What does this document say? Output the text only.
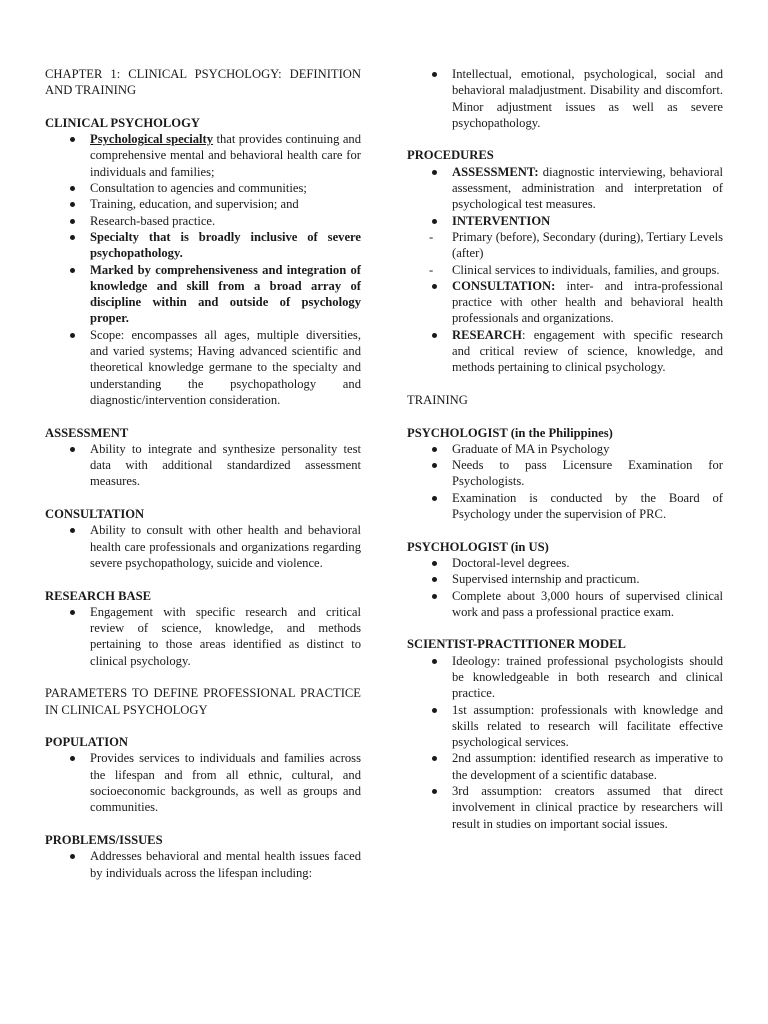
CHAPTER 1: CLINICAL PSYCHOLOGY: DEFINITION AND TRAINING

CLINICAL PSYCHOLOGY

Psychological specialty that provides continuing and comprehensive mental and behavioral health care for individuals and families;
Consultation to agencies and communities;
Training, education, and supervision; and
Research-based practice.
Specialty that is broadly inclusive of severe psychopathology.
Marked by comprehensiveness and integration of knowledge and skill from a broad array of discipline within and outside of psychology proper.
Scope: encompasses all ages, multiple diversities, and varied systems; Having advanced scientific and theoretical knowledge germane to the specialty and understanding the psychopathology and diagnostic/intervention consideration.

ASSESSMENT

Ability to integrate and synthesize personality test data with additional standardized assessment measures.

CONSULTATION

Ability to consult with other health and behavioral health care professionals and organizations regarding severe psychopathology, suicide and violence.

RESEARCH BASE

Engagement with specific research and critical review of science, knowledge, and methods pertaining to those areas identified as distinct to clinical psychology.

PARAMETERS TO DEFINE PROFESSIONAL PRACTICE IN CLINICAL PSYCHOLOGY

POPULATION

Provides services to individuals and families across the lifespan and from all ethnic, cultural, and socioeconomic backgrounds, as well as groups and communities.

PROBLEMS/ISSUES

Addresses behavioral and mental health issues faced by individuals across the lifespan including:
Intellectual, emotional, psychological, social and behavioral maladjustment. Disability and discomfort. Minor adjustment issues as well as severe psychopathology.

PROCEDURES

ASSESSMENT: diagnostic interviewing, behavioral assessment, administration and interpretation of psychological test measures.
INTERVENTION
- Primary (before), Secondary (during), Tertiary Levels (after)
- Clinical services to individuals, families, and groups.
CONSULTATION: inter- and intra-professional practice with other health and behavioral health professionals and organizations.
RESEARCH: engagement with specific research and critical review of science, knowledge, and methods pertaining to clinical psychology.

TRAINING

PSYCHOLOGIST (in the Philippines)

Graduate of MA in Psychology
Needs to pass Licensure Examination for Psychologists.
Examination is conducted by the Board of Psychology under the supervision of PRC.

PSYCHOLOGIST (in US)

Doctoral-level degrees.
Supervised internship and practicum.
Complete about 3,000 hours of supervised clinical work and pass a professional practice exam.

SCIENTIST-PRACTITIONER MODEL

Ideology: trained professional psychologists should be knowledgeable in both research and clinical practice.
1st assumption: professionals with knowledge and skills related to research will facilitate effective psychological services.
2nd assumption: identified research as imperative to the development of a scientific database.
3rd assumption: creators assumed that direct involvement in clinical practice by researchers will result in studies on important social issues.
